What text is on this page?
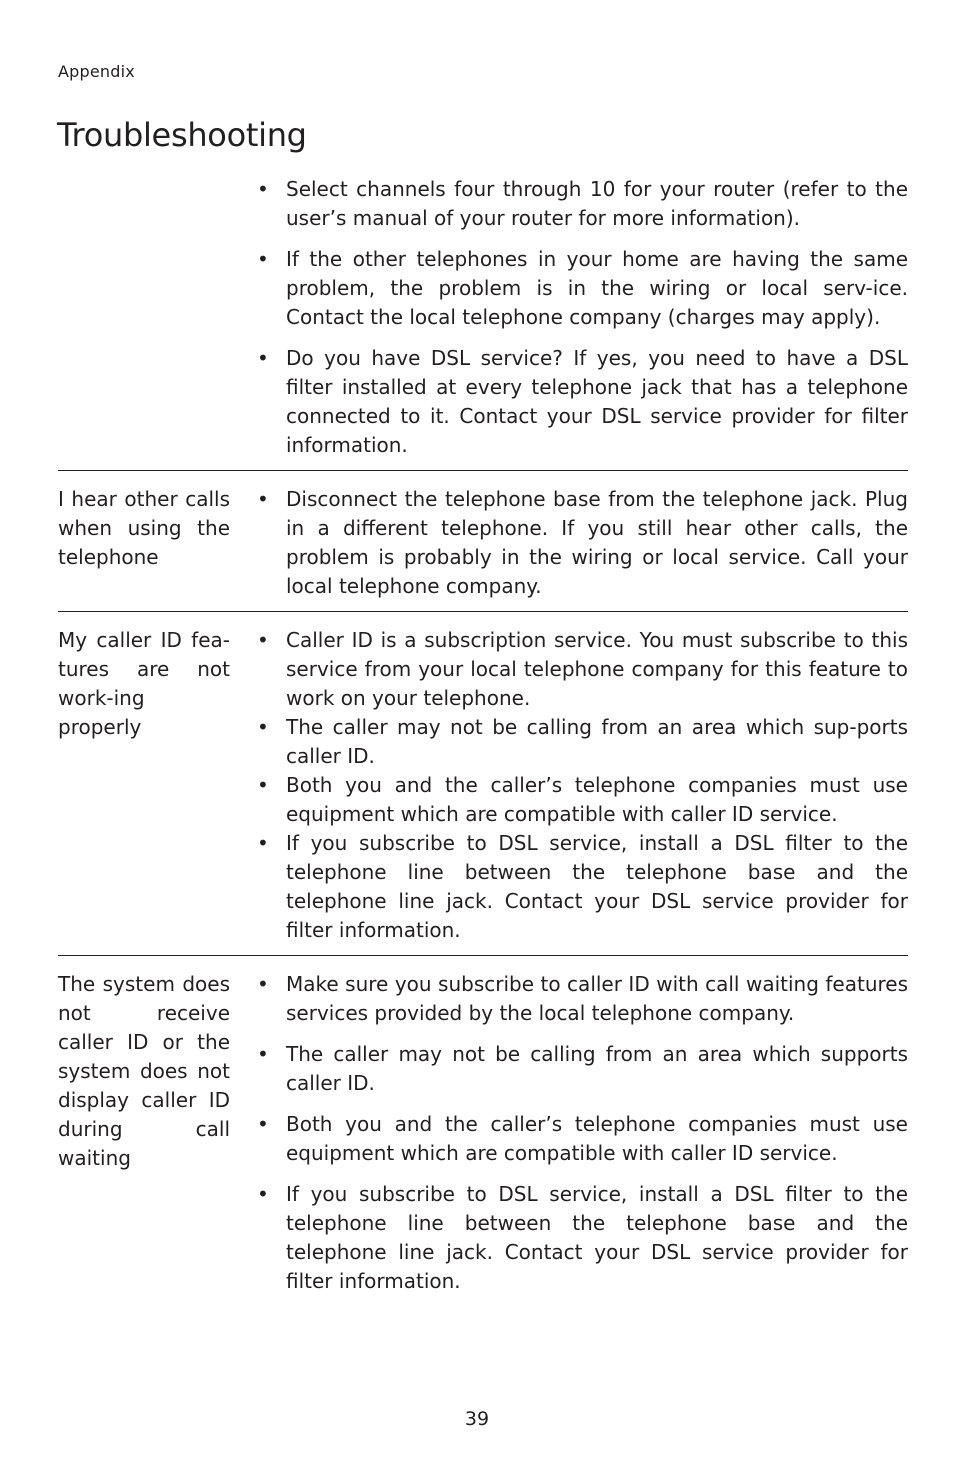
Appendix
Troubleshooting
• Select channels four through 10 for your router (refer to the user’s manual of your router for more information).
• If the other telephones in your home are having the same problem, the problem is in the wiring or local serv-ice. Contact the local telephone company (charges may apply).
• Do you have DSL service? If yes, you need to have a DSL filter installed at every telephone jack that has a telephone connected to it. Contact your DSL service provider for filter information.
I hear other calls when using the telephone
• Disconnect the telephone base from the telephone jack. Plug in a different telephone. If you still hear other calls, the problem is probably in the wiring or local service. Call your local telephone company.
My caller ID fea-tures are not work-ing properly
• Caller ID is a subscription service. You must subscribe to this service from your local telephone company for this feature to work on your telephone.
• The caller may not be calling from an area which sup-ports caller ID.
• Both you and the caller’s telephone companies must use equipment which are compatible with caller ID service.
• If you subscribe to DSL service, install a DSL filter to the telephone line between the telephone base and the telephone line jack. Contact your DSL service provider for filter information.
The system does not receive caller ID or the system does not display caller ID during call waiting
• Make sure you subscribe to caller ID with call waiting features services provided by the local telephone company.
• The caller may not be calling from an area which supports caller ID.
• Both you and the caller’s telephone companies must use equipment which are compatible with caller ID service.
• If you subscribe to DSL service, install a DSL filter to the telephone line between the telephone base and the telephone line jack. Contact your DSL service provider for filter information.
39
